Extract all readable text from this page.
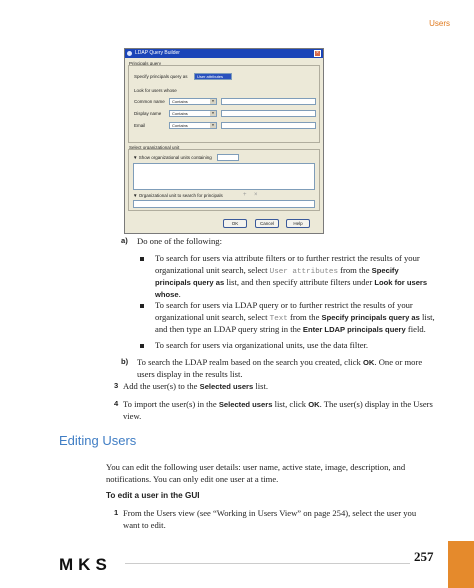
Users
LDAP Query Builder	×
Principals query
Specify principals query as	User attributes
Look for users whose
Common name	Contains	▼
Display name	Contains	▼
Email	Contains	▼
Select organizational unit
▼ Show organizational units containing
▼ Organizational unit to search for principals	+ ×
OK	Cancel	Help
a) Do one of the following:
To search for users via attribute filters or to further restrict the results of your
organizational unit search, select User attributes from the Specify
principals query as list, and then specify attribute filters under Look for users
whose.
To search for users via LDAP query or to further restrict the results of your
organizational unit search, select Text from the Specify principals query as list,
and then type an LDAP query string in the Enter LDAP principals query field.
To search for users via organizational units, use the data filter.
b) To search the LDAP realm based on the search you created, click OK. One or more
users display in the results list.
3 Add the user(s) to the Selected users list.
4 To import the user(s) in the Selected users list, click OK. The user(s) display in the Users
view.
Editing Users
You can edit the following user details: user name, active state, image, description, and
notifications. You can only edit one user at a time.
To edit a user in the GUI
1 From the Users view (see “Working in Users View” on page 254), select the user you
want to edit.
MKS	257
